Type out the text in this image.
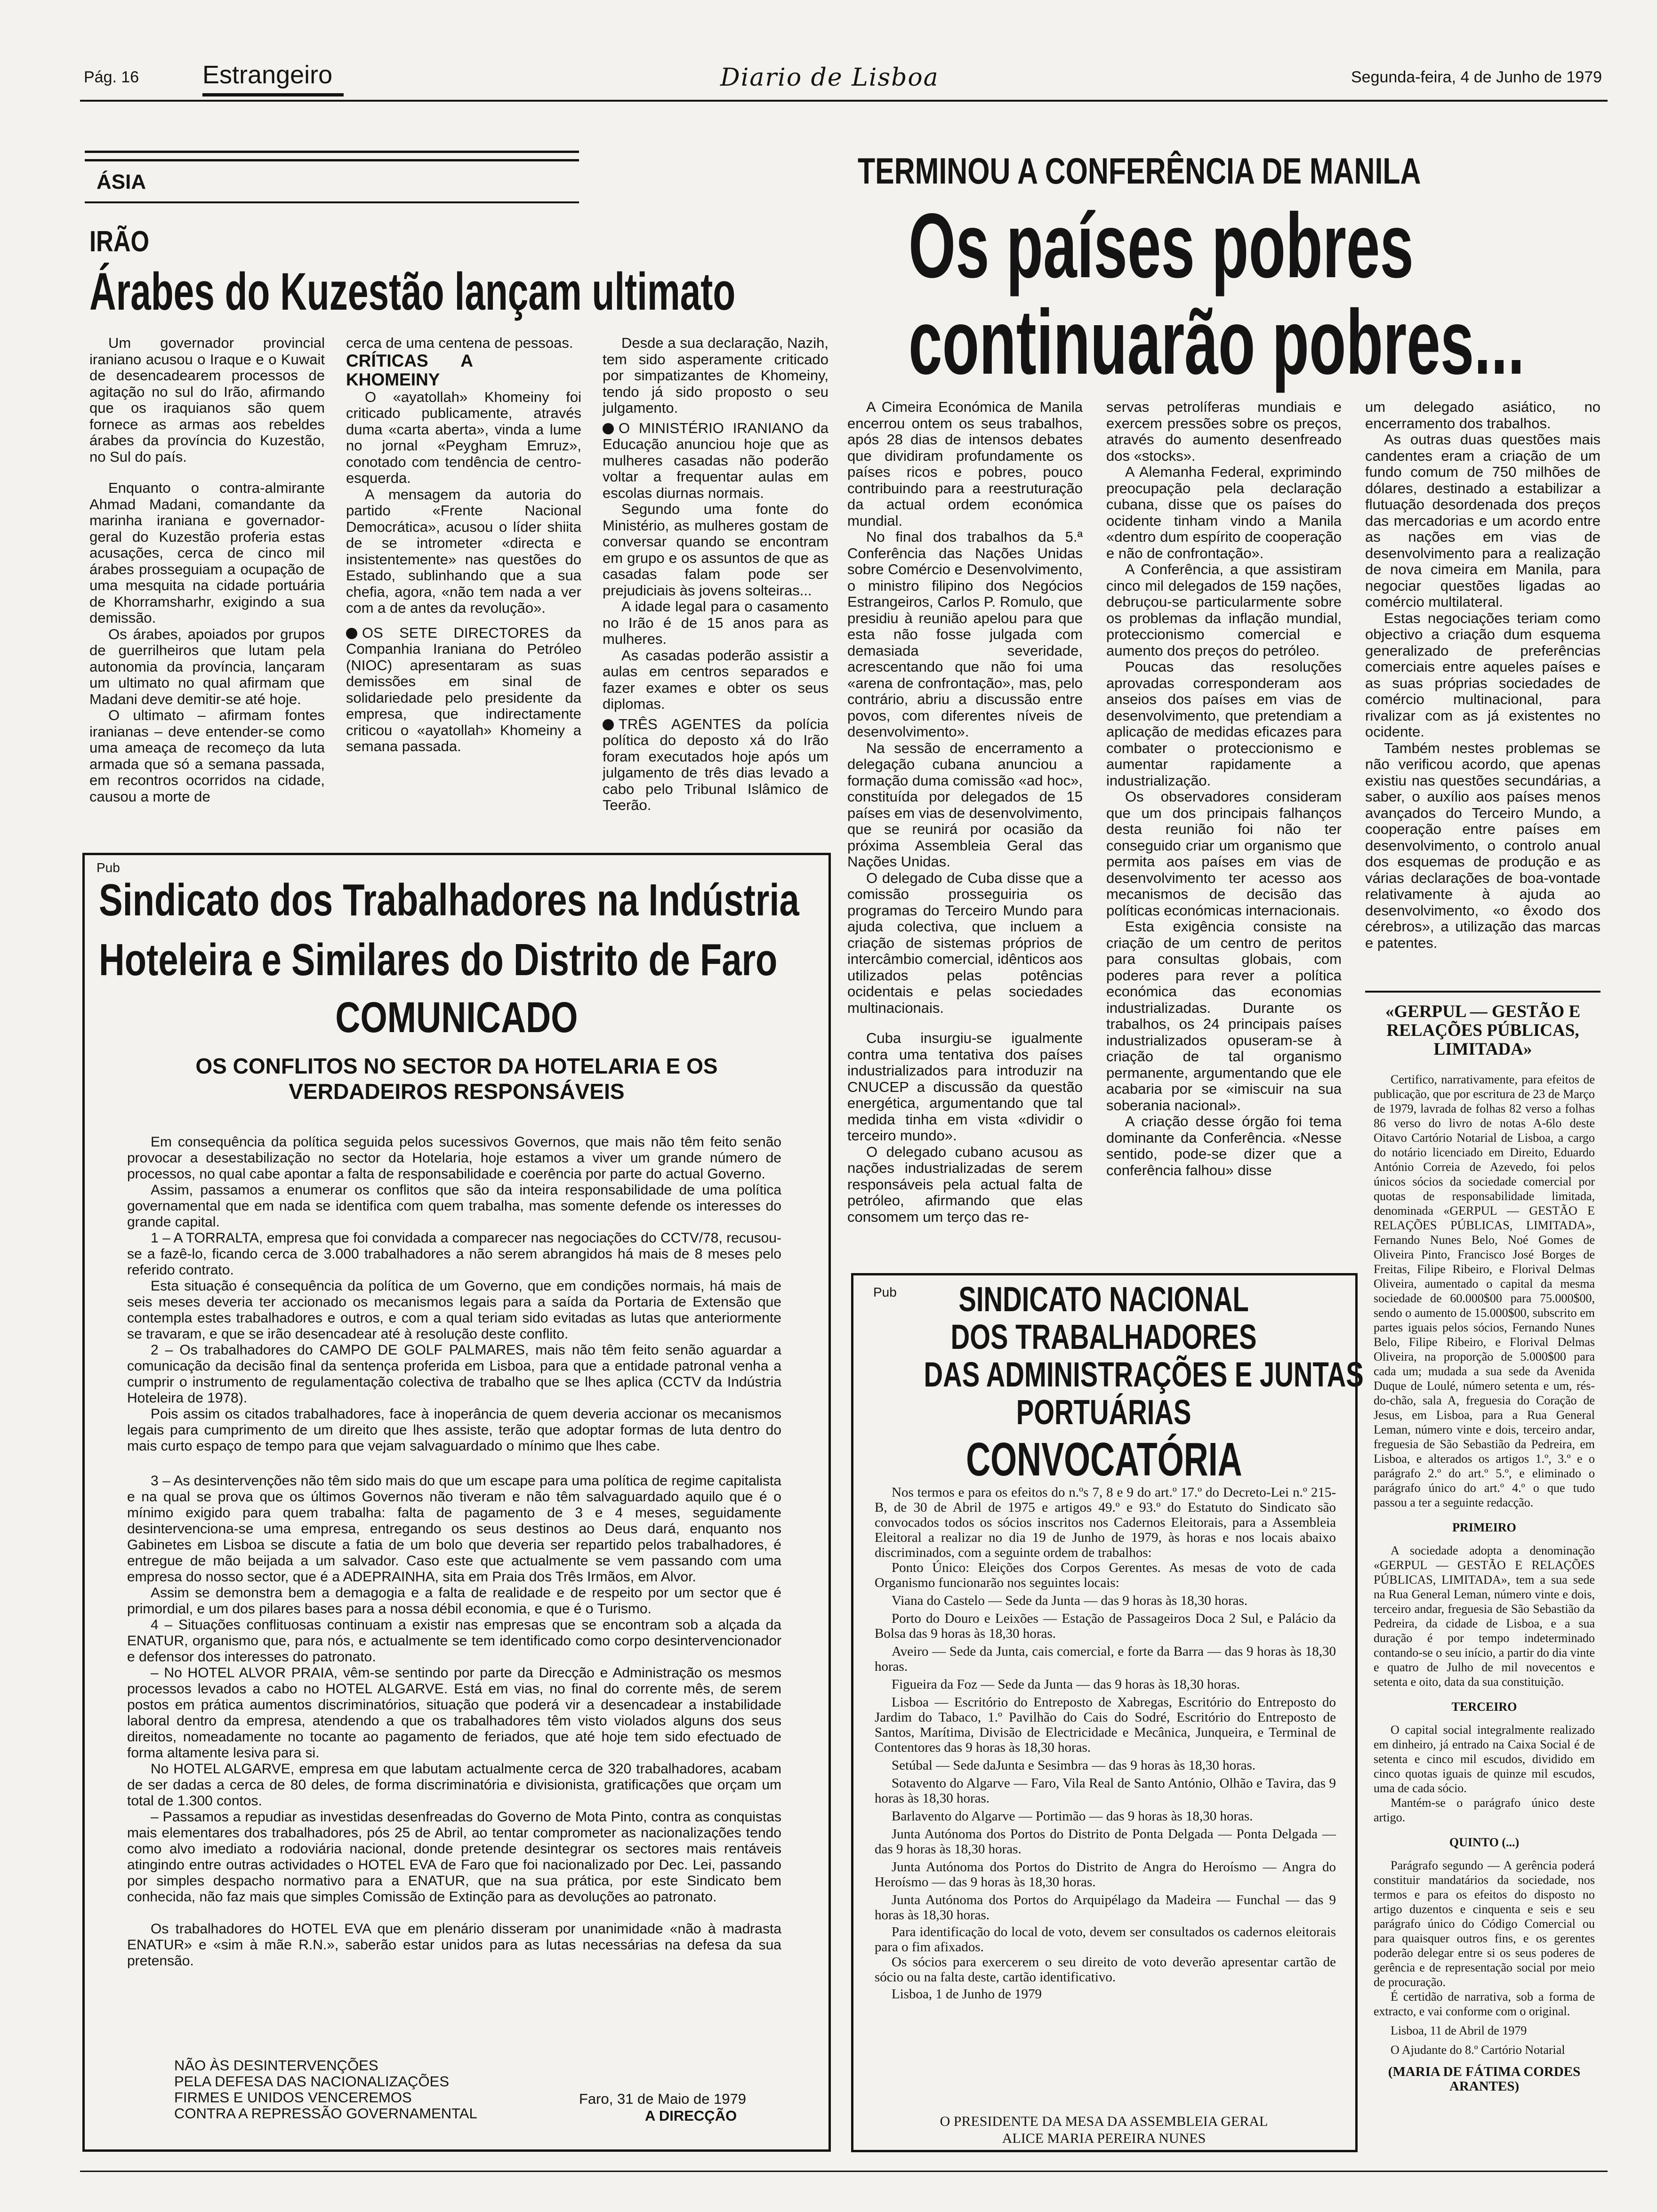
Pág. 16 Estrangeiro	Diario de Lisboa	Segunda-feira, 4 de Junho de 1979
ÁSIA
IRÃO
Árabes do Kuzestão lançam ultimato

Um governador provincial iraniano acusou o Iraque e o Kuwait de desencadearem processos de agitação no sul do Irão, afirmando que os iraquianos são quem fornece as armas aos rebeldes árabes da província do Kuzestão, no Sul do país.

Enquanto o contra-almirante Ahmad Madani, comandante da marinha iraniana e governador-geral do Kuzestão proferia estas acusações, cerca de cinco mil árabes prosseguiam a ocupação de uma mesquita na cidade portuária de Khorramsharhr, exigindo a sua demissão.

Os árabes, apoiados por grupos de guerrilheiros que lutam pela autonomia da província, lançaram um ultimato no qual afirmam que Madani deve demitir-se até hoje.

O ultimato – afirmam fontes iranianas – deve entender-se como uma ameaça de recomeço da luta armada que só a semana passada, em recontros ocorridos na cidade, causou a morte de

cerca de uma centena de pessoas.

CRÍTICAS A KHOMEINY

O «ayatollah» Khomeiny foi criticado publicamente, através duma «carta aberta», vinda a lume no jornal «Peygham Emruz», conotado com tendência de centro-esquerda.

A mensagem da autoria do partido «Frente Nacional Democrática», acusou o líder shiita de se intrometer «directa e insistentemente» nas questões do Estado, sublinhando que a sua chefia, agora, «não tem nada a ver com a de antes da revolução».

OS SETE DIRECTORES da Companhia Iraniana do Petróleo (NIOC) apresentaram as suas demissões em sinal de solidariedade pelo presidente da empresa, que indirectamente criticou o «ayatollah» Khomeiny a semana passada.

Desde a sua declaração, Nazih, tem sido asperamente criticado por simpatizantes de Khomeiny, tendo já sido proposto o seu julgamento.

O MINISTÉRIO IRANIANO da Educação anunciou hoje que as mulheres casadas não poderão voltar a frequentar aulas em escolas diurnas normais.

Segundo uma fonte do Ministério, as mulheres gostam de conversar quando se encontram em grupo e os assuntos de que as casadas falam pode ser prejudiciais às jovens solteiras...

A idade legal para o casamento no Irão é de 15 anos para as mulheres.

As casadas poderão assistir a aulas em centros separados e fazer exames e obter os seus diplomas.

TRÊS AGENTES da polícia política do deposto xá do Irão foram executados hoje após um julgamento de três dias levado a cabo pelo Tribunal Islâmico de Teerão.

TERMINOU A CONFERÊNCIA DE MANILA
Os países pobres
continuarão pobres...

A Cimeira Económica de Manila encerrou ontem os seus trabalhos, após 28 dias de intensos debates que dividiram profundamente os países ricos e pobres, pouco contribuindo para a reestruturação da actual ordem económica mundial.

No final dos trabalhos da 5.ª Conferência das Nações Unidas sobre Comércio e Desenvolvimento, o ministro filipino dos Negócios Estrangeiros, Carlos P. Romulo, que presidiu à reunião apelou para que esta não fosse julgada com demasiada severidade, acrescentando que não foi uma «arena de confrontação», mas, pelo contrário, abriu a discussão entre povos, com diferentes níveis de desenvolvimento».

Na sessão de encerramento a delegação cubana anunciou a formação duma comissão «ad hoc», constituída por delegados de 15 países em vias de desenvolvimento, que se reunirá por ocasião da próxima Assembleia Geral das Nações Unidas.

O delegado de Cuba disse que a comissão prosseguiria os programas do Terceiro Mundo para ajuda colectiva, que incluem a criação de sistemas próprios de intercâmbio comercial, idênticos aos utilizados pelas potências ocidentais e pelas sociedades multinacionais.

Cuba insurgiu-se igualmente contra uma tentativa dos países industrializados para introduzir na CNUCEP a discussão da questão energética, argumentando que tal medida tinha em vista «dividir o terceiro mundo».

O delegado cubano acusou as nações industrializadas de serem responsáveis pela actual falta de petróleo, afirmando que elas consomem um terço das re-

servas petrolíferas mundiais e exercem pressões sobre os preços, através do aumento desenfreado dos «stocks».

A Alemanha Federal, exprimindo preocupação pela declaração cubana, disse que os países do ocidente tinham vindo a Manila «dentro dum espírito de cooperação e não de confrontação».

A Conferência, a que assistiram cinco mil delegados de 159 nações, debruçou-se particularmente sobre os problemas da inflação mundial, proteccionismo comercial e aumento dos preços do petróleo.

Poucas das resoluções aprovadas corresponderam aos anseios dos países em vias de desenvolvimento, que pretendiam a aplicação de medidas eficazes para combater o proteccionismo e aumentar rapidamente a industrialização.

Os observadores consideram que um dos principais falhanços desta reunião foi não ter conseguido criar um organismo que permita aos países em vias de desenvolvimento ter acesso aos mecanismos de decisão das políticas económicas internacionais.

Esta exigência consiste na criação de um centro de peritos para consultas globais, com poderes para rever a política económica das economias industrializadas. Durante os trabalhos, os 24 principais países industrializados opuseram-se à criação de tal organismo permanente, argumentando que ele acabaria por se «imiscuir na sua soberania nacional».

A criação desse órgão foi tema dominante da Conferência. «Nesse sentido, pode-se dizer que a conferência falhou» disse

um delegado asiático, no encerramento dos trabalhos.

As outras duas questões mais candentes eram a criação de um fundo comum de 750 milhões de dólares, destinado a estabilizar a flutuação desordenada dos preços das mercadorias e um acordo entre as nações em vias de desenvolvimento para a realização de nova cimeira em Manila, para negociar questões ligadas ao comércio multilateral.

Estas negociações teriam como objectivo a criação dum esquema generalizado de preferências comerciais entre aqueles países e as suas próprias sociedades de comércio multinacional, para rivalizar com as já existentes no ocidente.

Também nestes problemas se não verificou acordo, que apenas existiu nas questões secundárias, a saber, o auxílio aos países menos avançados do Terceiro Mundo, a cooperação entre países em desenvolvimento, o controlo anual dos esquemas de produção e as várias declarações de boa-vontade relativamente à ajuda ao desenvolvimento, «o êxodo dos cérebros», a utilização das marcas e patentes.

Pub
Sindicato dos Trabalhadores na Indústria
Hoteleira e Similares do Distrito de Faro
COMUNICADO
OS CONFLITOS NO SECTOR DA HOTELARIA E OS VERDADEIROS RESPONSÁVEIS

Em consequência da política seguida pelos sucessivos Governos, que mais não têm feito senão provocar a desestabilização no sector da Hotelaria, hoje estamos a viver um grande número de processos, no qual cabe apontar a falta de responsabilidade e coerência por parte do actual Governo.

Assim, passamos a enumerar os conflitos que são da inteira responsabilidade de uma política governamental que em nada se identifica com quem trabalha, mas somente defende os interesses do grande capital.

1 – A TORRALTA, empresa que foi convidada a comparecer nas negociações do CCTV/78, recusou-se a fazê-lo, ficando cerca de 3.000 trabalhadores a não serem abrangidos há mais de 8 meses pelo referido contrato.

Esta situação é consequência da política de um Governo, que em condições normais, há mais de seis meses deveria ter accionado os mecanismos legais para a saída da Portaria de Extensão que contempla estes trabalhadores e outros, e com a qual teriam sido evitadas as lutas que anteriormente se travaram, e que se irão desencadear até à resolução deste conflito.

2 – Os trabalhadores do CAMPO DE GOLF PALMARES, mais não têm feito senão aguardar a comunicação da decisão final da sentença proferida em Lisboa, para que a entidade patronal venha a cumprir o instrumento de regulamentação colectiva de trabalho que se lhes aplica (CCTV da Indústria Hoteleira de 1978).

Pois assim os citados trabalhadores, face à inoperância de quem deveria accionar os mecanismos legais para cumprimento de um direito que lhes assiste, terão que adoptar formas de luta dentro do mais curto espaço de tempo para que vejam salvaguardado o mínimo que lhes cabe.

3 – As desintervenções não têm sido mais do que um escape para uma política de regime capitalista e na qual se prova que os últimos Governos não tiveram e não têm salvaguardado aquilo que é o mínimo exigido para quem trabalha: falta de pagamento de 3 e 4 meses, seguidamente desintervenciona-se uma empresa, entregando os seus destinos ao Deus dará, enquanto nos Gabinetes em Lisboa se discute a fatia de um bolo que deveria ser repartido pelos trabalhadores, é entregue de mão beijada a um salvador. Caso este que actualmente se vem passando com uma empresa do nosso sector, que é a ADEPRAINHA, sita em Praia dos Três Irmãos, em Alvor.

Assim se demonstra bem a demagogia e a falta de realidade e de respeito por um sector que é primordial, e um dos pilares bases para a nossa débil economia, e que é o Turismo.

4 – Situações conflituosas continuam a existir nas empresas que se encontram sob a alçada da ENATUR, organismo que, para nós, e actualmente se tem identificado como corpo desintervencionador e defensor dos interesses do patronato.

– No HOTEL ALVOR PRAIA, vêm-se sentindo por parte da Direcção e Administração os mesmos processos levados a cabo no HOTEL ALGARVE. Está em vias, no final do corrente mês, de serem postos em prática aumentos discriminatórios, situação que poderá vir a desencadear a instabilidade laboral dentro da empresa, atendendo a que os trabalhadores têm visto violados alguns dos seus direitos, nomeadamente no tocante ao pagamento de feriados, que até hoje tem sido efectuado de forma altamente lesiva para si.

No HOTEL ALGARVE, empresa em que labutam actualmente cerca de 320 trabalhadores, acabam de ser dadas a cerca de 80 deles, de forma discriminatória e divisionista, gratificações que orçam um total de 1.300 contos.

– Passamos a repudiar as investidas desenfreadas do Governo de Mota Pinto, contra as conquistas mais elementares dos trabalhadores, pós 25 de Abril, ao tentar comprometer as nacionalizações tendo como alvo imediato a rodoviária nacional, donde pretende desintegrar os sectores mais rentáveis atingindo entre outras actividades o HOTEL EVA de Faro que foi nacionalizado por Dec. Lei, passando por simples despacho normativo para a ENATUR, que na sua prática, por este Sindicato bem conhecida, não faz mais que simples Comissão de Extinção para as devoluções ao patronato.

Os trabalhadores do HOTEL EVA que em plenário disseram por unanimidade «não à madrasta ENATUR» e «sim à mãe R.N.», saberão estar unidos para as lutas necessárias na defesa da sua pretensão.

NÃO ÀS DESINTERVENÇÕES
PELA DEFESA DAS NACIONALIZAÇÕES
FIRMES E UNIDOS VENCEREMOS
CONTRA A REPRESSÃO GOVERNAMENTAL
Faro, 31 de Maio de 1979
A DIRECÇÃO
Pub	SINDICATO NACIONAL
DOS TRABALHADORES
DAS ADMINISTRAÇÕES E JUNTAS
PORTUÁRIAS
CONVOCATÓRIA

Nos termos e para os efeitos do n.ºs 7, 8 e 9 do art.º 17.º do Decreto-Lei n.º 215-B, de 30 de Abril de 1975 e artigos 49.º e 93.º do Estatuto do Sindicato são convocados todos os sócios inscritos nos Cadernos Eleitorais, para a Assembleia Eleitoral a realizar no dia 19 de Junho de 1979, às horas e nos locais abaixo discriminados, com a seguinte ordem de trabalhos:

Ponto Único: Eleições dos Corpos Gerentes. As mesas de voto de cada Organismo funcionarão nos seguintes locais:

Viana do Castelo — Sede da Junta — das 9 horas às 18,30 horas.

Porto do Douro e Leixões — Estação de Passageiros Doca 2 Sul, e Palácio da Bolsa das 9 horas às 18,30 horas.

Aveiro — Sede da Junta, cais comercial, e forte da Barra — das 9 horas às 18,30 horas.

Figueira da Foz — Sede da Junta — das 9 horas às 18,30 horas.

Lisboa — Escritório do Entreposto de Xabregas, Escritório do Entreposto do Jardim do Tabaco, 1.º Pavilhão do Cais do Sodré, Escritório do Entreposto de Santos, Marítima, Divisão de Electricidade e Mecânica, Junqueira, e Terminal de Contentores das 9 horas às 18,30 horas.

Setúbal — Sede daJunta e Sesimbra — das 9 horas às 18,30 horas.

Sotavento do Algarve — Faro, Vila Real de Santo António, Olhão e Tavira, das 9 horas às 18,30 horas.

Barlavento do Algarve — Portimão — das 9 horas às 18,30 horas.

Junta Autónoma dos Portos do Distrito de Ponta Delgada — Ponta Delgada — das 9 horas às 18,30 horas.

Junta Autónoma dos Portos do Distrito de Angra do Heroísmo — Angra do Heroísmo — das 9 horas às 18,30 horas.

Junta Autónoma dos Portos do Arquipélago da Madeira — Funchal — das 9 horas às 18,30 horas.

Para identificação do local de voto, devem ser consultados os cadernos eleitorais para o fim afixados.

Os sócios para exercerem o seu direito de voto deverão apresentar cartão de sócio ou na falta deste, cartão identificativo.

Lisboa, 1 de Junho de 1979

O PRESIDENTE DA MESA DA ASSEMBLEIA GERAL
ALICE MARIA PEREIRA NUNES
«GERPUL — GESTÃO E RELAÇÕES PÚBLICAS, LIMITADA»

Certifico, narrativamente, para efeitos de publicação, que por escritura de 23 de Março de 1979, lavrada de folhas 82 verso a folhas 86 verso do livro de notas A-6lo deste Oitavo Cartório Notarial de Lisboa, a cargo do notário licenciado em Direito, Eduardo António Correia de Azevedo, foi pelos únicos sócios da sociedade comercial por quotas de responsabilidade limitada, denominada «GERPUL — GESTÃO E RELAÇÕES PÚBLICAS, LIMITADA», Fernando Nunes Belo, Noé Gomes de Oliveira Pinto, Francisco José Borges de Freitas, Filipe Ribeiro, e Florival Delmas Oliveira, aumentado o capital da mesma sociedade de 60.000$00 para 75.000$00, sendo o aumento de 15.000$00, subscrito em partes iguais pelos sócios, Fernando Nunes Belo, Filipe Ribeiro, e Florival Delmas Oliveira, na proporção de 5.000$00 para cada um; mudada a sua sede da Avenida Duque de Loulé, número setenta e um, rés-do-chão, sala A, freguesia do Coração de Jesus, em Lisboa, para a Rua General Leman, número vinte e dois, terceiro andar, freguesia de São Sebastião da Pedreira, em Lisboa, e alterados os artigos 1.º, 3.º e o parágrafo 2.º do art.º 5.º, e eliminado o parágrafo único do art.º 4.º o que tudo passou a ter a seguinte redacção.

PRIMEIRO

A sociedade adopta a denominação «GERPUL — GESTÃO E RELAÇÕES PÚBLICAS, LIMITADA», tem a sua sede na Rua General Leman, número vinte e dois, terceiro andar, freguesia de São Sebastião da Pedreira, da cidade de Lisboa, e a sua duração é por tempo indeterminado contando-se o seu início, a partir do dia vinte e quatro de Julho de mil novecentos e setenta e oito, data da sua constituição.

TERCEIRO

O capital social integralmente realizado em dinheiro, já entrado na Caixa Social é de setenta e cinco mil escudos, dividido em cinco quotas iguais de quinze mil escudos, uma de cada sócio.

Mantém-se o parágrafo único deste artigo.

QUINTO (...)

Parágrafo segundo — A gerência poderá constituir mandatários da sociedade, nos termos e para os efeitos do disposto no artigo duzentos e cinquenta e seis e seu parágrafo único do Código Comercial ou para quaisquer outros fins, e os gerentes poderão delegar entre si os seus poderes de gerência e de representação social por meio de procuração.

É certidão de narrativa, sob a forma de extracto, e vai conforme com o original.

Lisboa, 11 de Abril de 1979

O Ajudante do 8.º Cartório Notarial

(MARIA DE FÁTIMA CORDES ARANTES)
